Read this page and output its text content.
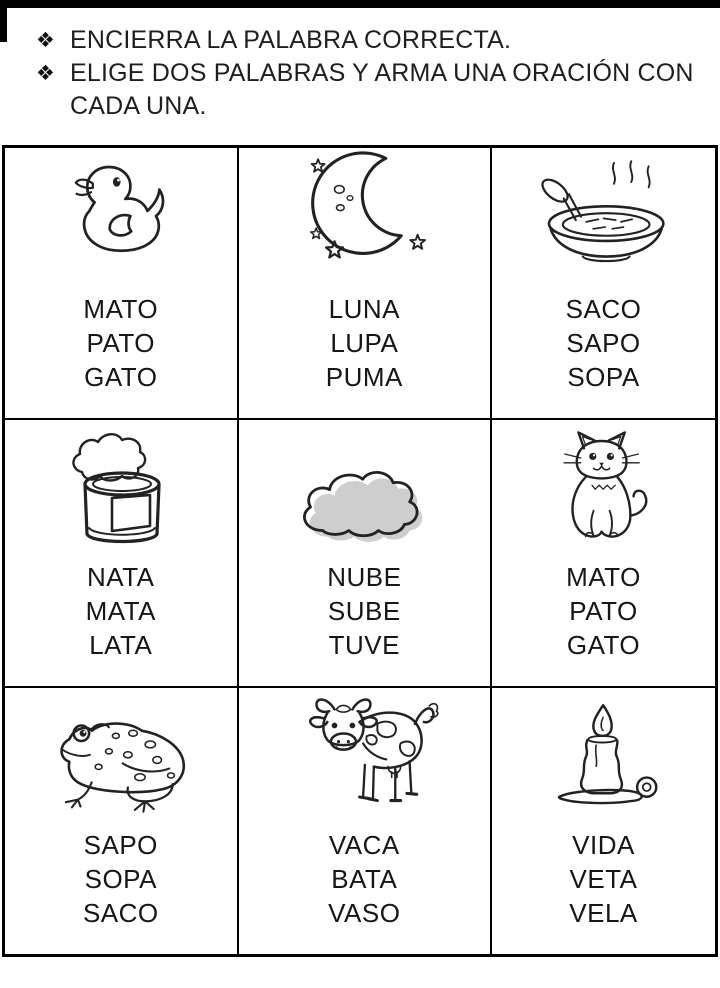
❖ ENCIERRA LA PALABRA CORRECTA.
❖ ELIGE DOS PALABRAS Y ARMA UNA ORACIÓN CON CADA UNA.
MATO
PATO
GATO
LUNA
LUPA
PUMA
SACO
SAPO
SOPA
NATA
MATA
LATA
NUBE
SUBE
TUVE
MATO
PATO
GATO
SAPO
SOPA
SACO
VACA
BATA
VASO
VIDA
VETA
VELA
